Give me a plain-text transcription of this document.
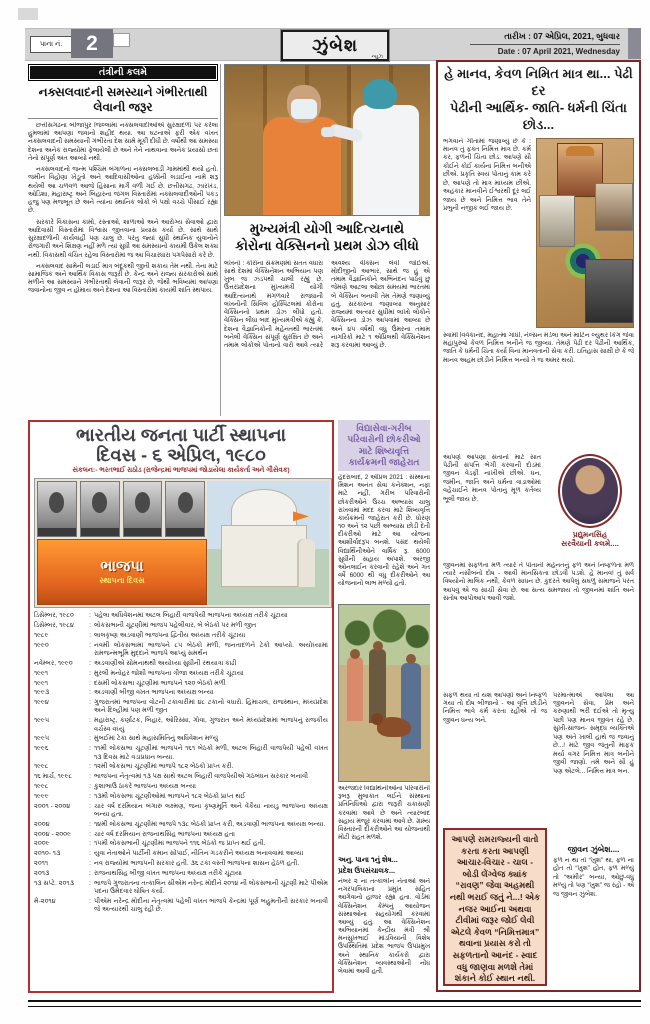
પાના નં.	2	ઝુંબેશ
ન્યુઝ
તારીખ : 07 એપ્રિલ, 2021, બુધવાર
Date : 07 April 2021, Wednesday
તંત્રીની કલમે
નક્સલવાદની સમસ્યાને ગંભીરતાથી લેવાની જરૂર

છત્તીસગઢના બીજાપુર જિલ્લામાં નક્સલવાદીઓએ સુરક્ષાદળો પર કરેલા હુમલામાં આપણા જવાનો શહીદ થયા. આ ઘટનાએ ફરી એક વખત નક્સલવાદની સમસ્યાની ગંભીરતા દેશ સામે મૂકી દીધી છે. વર્ષોથી આ સમસ્યા દેશના અનેક રાજ્યોમાં ફેલાયેલી છે અને તેને નાથવાના અનેક પ્રયાસો છતાં તેનો સંપૂર્ણ અંત આવ્યો નથી.

નક્સલવાદનો જન્મ પશ્ચિમ બંગાળના નક્સલબાડી ગામમાંથી થયો હતો. જમીન વિહોણા ખેડૂતો અને આદિવાસીઓના હક્કોની લડાઈના નામે શરૂ થયેલી આ ચળવળ આજે હિંસાના માર્ગે વળી ગઈ છે. છત્તીસગઢ, ઝારખંડ, ઓડિશા, મહારાષ્ટ્ર અને બિહારના જંગલ વિસ્તારોમાં નક્સલવાદીઓની પકડ હજુ પણ મજબૂત છે અને ત્યાંના સ્થાનિક લોકો બે પક્ષો વચ્ચે પીસાઈ રહ્યા છે.

સરકારે વિકાસના કામો, રસ્તાઓ, શાળાઓ અને આરોગ્ય સેવાઓ દ્વારા આદિવાસી વિસ્તારોમાં વિશ્વાસ જીતવાના પ્રયાસ કર્યા છે. સાથે સાથે સુરક્ષાદળોની કાર્યવાહી પણ ચાલુ છે. પરંતુ જ્યાં સુધી સ્થાનિક યુવાનોને રોજગારી અને શિક્ષણ નહીં મળે ત્યાં સુધી આ સમસ્યાનો કાયમી ઉકેલ શક્ય નથી. વિકાસથી વંચિત રહેલા વિસ્તારોમાં જ આ વિચારધારા પગપેસારો કરે છે.

નક્સલવાદ સામેની લડાઈ માત્ર બંદૂકથી જીતી શકાય તેમ નથી. તેના માટે સામાજિક અને આર્થિક વિકાસ જરૂરી છે. કેન્દ્ર અને રાજ્ય સરકારોએ સાથે મળીને આ સમસ્યાને ગંભીરતાથી લેવાની જરૂર છે, જેથી ભવિષ્યમાં આપણા જવાનોના જીવ ન હોમાય અને દેશના આ વિસ્તારોમાં કાયમી શાંતિ સ્થપાય.

મુખ્યમંત્રી યોગી આદિત્યનાથે
કોરોના વેક્સિનનો પ્રથમ ડોઝ લીધો
લખનૌ : કોરોના સંક્રમણમાં સતત વધારા સાથે દેશમાં વેક્સિનેશન અભિયાન પણ ખુબ જ ઝડપથી ચાલી રહ્યું છે. ઉત્તરપ્રદેશના મુખ્યમંત્રી યોગી આદિત્યનાથે મંગળવારે રાજધાની લખનૌની સિવિલ હોસ્પિટલમાં કોરોના વેક્સિનનો પ્રથમ ડોઝ લીધો હતો. વેક્સિન લીધા બાદ મુખ્યમંત્રીએ કહ્યું કે, દેશના વૈજ્ઞાનિકોની મહેનતથી ભારતમાં બનેલી વેક્સિન સંપૂર્ણ સુરક્ષિત છે અને તમામ લોકોએ પોતાનો વારો આવે ત્યારે અવશ્ય વેક્સિન લેવી જોઈએ. મોદીજીનો આભાર, સાથે જ હું એ તમામ વૈજ્ઞાનિકોને અભિનંદન પાઠવું છું જેમણે આટલા ઓછા સમયમાં ભારતમાં બે વેક્સિન બનાવી તેમ તેમણે જણાવ્યું હતું. સરકારના જણાવ્યા અનુસાર રાજ્યમાં અત્યાર સુધીમાં લાખો લોકોને વેક્સિનના ડોઝ આપવામાં આવ્યા છે અને ૪૫ વર્ષથી વધુ ઉંમરના તમામ નાગરિકો માટે ૧ એપ્રિલથી વેક્સિનેશન શરૂ કરવામાં આવ્યું છે.
ભારતીય જનતા પાર્ટી સ્થાપના
દિવસ - ૬ એપ્રિલ, ૧૯૮૦
સંકલન:- ભરતભાઈ રાઠોડ (રાજેન્દ્રમાં ભાજપમાં જોડાયેલા કાર્યકર્તા અને ગૌસેવક)
ભાજપા
સ્થાપના દિવસ
ડિસેમ્બર, ૧૯૮૦ :	પહેલા અધિવેશનમાં અટલ બિહારી વાજપેયી ભાજપના અધ્યક્ષ તરીકે ચૂંટાયા
ડિસેમ્બર, ૧૯૮૪ :	લોકસભાની ચૂંટણીમાં ભાજપ પહેલીવાર, બે બેઠકો પર મળી જીત
૧૯૮૯ :	લાલકૃષ્ણ અડવાણી ભાજપના દ્વિતીય અધ્યક્ષ તરીકે ચૂંટાયા
૧૯૯૦ :	નવમી લોકસભામાં ભાજપને ૮૫ બેઠકો મળી, જનતાદળને ટેકો આપ્યો. અયોધ્યામાં રામજન્મભૂમિ મુદ્દાને ભાજપે આપ્યું સમર્થન
નવેમ્બર, ૧૯૯૦ :	અડવાણીએ સોમનાથથી અયોધ્યા સુધીની રથયાત્રા કાઢી
૧૯૯૧ :	મુરલી મનોહર જોશી ભાજપના ત્રીજા અધ્યક્ષ તરીકે ચૂંટાયા
૧૯૯૧ :	દસમી લોકસભા ચૂંટણીમાં ભાજપને ૧૨૦ બેઠકો મળી
૧૯૯૩ :	અડવાણી બીજી વખત ભાજપના અધ્યક્ષ બન્યા
૧૯૯૪ :	ગુજરાતમાં ભાજપના વોટની ટકાવારીમાં ૪૮ ટકાનો વધારો. હિમાચલ, રાજસ્થાન, મધ્યપ્રદેશ અને દિલ્હીમાં પણ મળી જીત
૧૯૯૫ :	મહારાષ્ટ્ર, કર્ણાટક, બિહાર, ઓરિસ્સા, ગોવા, ગુજરાત અને મધ્યપ્રદેશમાં ભાજપનું રાજકીય વર્ચસ્વ વધ્યું
૧૯૯૫ :	મુંબઈમાં ટેકા સાથે મહાસમિતિનું અધિવેશન મળ્યું
૧૯૯૬ :	૧૧મી લોકસભા ચૂંટણીમાં ભાજપને ૧૬૧ બેઠકો મળી, અટલ બિહારી વાજપેયી પહેલી વખત ૧૩ દિવસ માટે વડાપ્રધાન બન્યા.
૧૯૯૮ :	૧૨મી લોકસભા ચૂંટણીમાં ભાજપે ૧૮૨ બેઠકો પ્રાપ્ત કરી.
૧૬ માર્ચ, ૧૯૯૮ :	ભાજપના નેતૃત્વમાં ૧૩ પક્ષ સાથે અટલ બિહારી વાજપેયીએ ગઠબંધન સરકાર બનાવી
૧૯૯૮ :	કુશાભાઉ ઠાકરે ભાજપના અધ્યક્ષ બન્યા
૧૯૯૯ :	૧૩મી લોકસભા ચૂંટણીઓમાં ભાજપને ૧૮૨ બેઠકો પ્રાપ્ત થઈ
૨૦૦૧ - ૨૦૦૪ :	ચાર વર્ષ દરમિયાન બંગારુ લક્ષ્મણ, જના કૃષ્ણમૂર્તિ અને વેંકૈયા નાયડુ ભાજપના અધ્યક્ષ બન્યા હતા.
૨૦૦૪ :	૧૪મી લોકસભા ચૂંટણીમાં ભાજપે ૧૩૮ બેઠકો પ્રાપ્ત કરી, અડવાણી ભાજપના અધ્યક્ષ બન્યા.
૨૦૦૪ - ૨૦૦૯ :	ચાર વર્ષ દરમિયાન રાજનાથસિંહ ભાજપના અધ્યક્ષ હતા
૨૦૦૯ :	૧૫મી લોકસભાની ચૂંટણીમાં ભાજપને ૧૧૬ બેઠકો જ પ્રાપ્ત થઈ હતી.
૨૦૧૦- ૧૩ :	યુવા નેતાઓને પાર્ટીની કમાન સોંપાઈ, નીતિન ગડકરીને અધ્યક્ષ બનાવવામાં આવ્યા
૨૦૧૧ :	નવ રાજ્યોમાં ભાજપની સરકાર હતી. ૩૬ ટકા વસ્તી ભાજપના શાસન હેઠળ હતી.
૨૦૧૩ :	રાજનાથસિંહ બીજી વખત ભાજપના અધ્યક્ષ તરીકે ચૂંટાયા
૧૩ સપ્ટે. ૨૦૧૩ :	ભાજપે ગુજરાતના તત્કાલિન સીએમ નરેન્દ્ર મોદીને ૨૦૧૪ ની લોકસભાની ચૂંટણી માટે પીએમ પદના ઉમેદવાર ઘોષિત કર્યા.
મે-૨૦૧૪ :	પીએમ નરેન્દ્ર મોદીના નેતૃત્વમાં પહેલી વખત ભાજપે કેન્દ્રમાં પૂર્ણ બહુમતીની સરકાર બનાવી જે અત્યારથી ચાલુ રહી છે.
વિદ્યાસેવા-ગરીબ પરિવારોની છોકરીઓ માટે શિષ્યવૃત્તિ કાર્યક્રમની જાહેરાત
હૈદરાબાદ, 2 એપ્રિલ 2021 : સંસ્થાના મિશન અનંત સેવા કનેક્શન, નફા માટે નહીં, ગરીબ પરિવારોની છોકરીઓને ઉચ્ચ અભ્યાસ ચાલુ રાખવામાં મદદ કરવા માટે શિષ્યવૃત્તિ કાર્યક્રમની જાહેરાત કરી છે. ધોરણ ૧૦ અને ૧૨ પછી અભ્યાસ છોડી દેતી દીકરીઓ માટે આ યોજના આશીર્વાદરૂપ બનશે. પસંદ થયેલી વિદ્યાર્થિનીઓને વાર્ષિક રૂ. 6000 સુધીની સહાય અપાશે. અરજી ઓનલાઈન કરવાની રહેશે અને ગત વર્ષે 6000 થી વધુ દીકરીઓને આ યોજનાનો લાભ મળ્યો હતો.
અરજદાર વિદ્યાર્થિનીઓના પરિવારોની રૂબરૂ મુલાકાત લઈને સંસ્થાના પ્રતિનિધિઓ દ્વારા જરૂરી ચકાસણી કરવામાં આવે છે અને ત્યારબાદ સહાય મંજૂર કરવામાં આવે છે. ગ્રામ્ય વિસ્તારની દીકરીઓને આ યોજનાથી મોટી રાહત મળશે.
અનુ. પાના ૧નું શેષ...
પ્રદેશ ઉપસંચાલક...
નંબર ૨ ના તત્કાલીન નેતાઓ અને નગરપાલિકાના પ્રમુખ સહિત આગેવાનો હાજર રહ્યા હતા. વોર્ડમાં વેક્સિનેશન કેમ્પનું આયોજન સંસ્થાઓના સહયોગથી કરવામાં આવ્યું હતું. આ વેક્સિનેશન અભિયાનમાં કેન્દ્રીય મંત્રી શ્રી મનસુખભાઈ માંડવિયાની વિશેષ ઉપસ્થિતિમાં પ્રદેશ ભાજપ ઉપપ્રમુખ અને સ્થાનિક કાર્યકરો દ્વારા વેક્સિનેશન વ્યવસ્થાઓની નોંધ લેવામાં આવી હતી.
હે માનવ, કેવળ નિમિત માત્ર થા... પેઢી દર
પેઢીની આર્થિક- જાતિ- ધર્મની ચિંતા છોડ...
ભગવાને ગીતામાં જણાવ્યું છે કે : માનવ તું ફક્ત નિમિત્ત માત્ર છે. કર્મ કર, ફળની ચિંતા છોડ. આપણે સૌ કોઈને કોઈ કાર્યના નિમિત્ત બનીએ છીએ. પ્રકૃતિ સ્વયં પોતાનું કામ કરે છે, આપણે તો માત્ર માધ્યમ છીએ. અહંકાર માનવીને ઈશ્વરથી દૂર લઈ જાય છે અને નિમિત્ત ભાવ તેને પ્રભુની નજીક લઈ જાય છે.
સ્વામી વિવેકાનંદ, મહાત્મા ગાંધી, નેલ્સન મંડેલા અને માર્ટિન લ્યુથર કિંગ જેવા મહાપુરુષો કેવળ નિમિત્ત બનીને જ જીવ્યા. તેમણે પેઢી દર પેઢીની આર્થિક, જાતિ કે ધર્મની ચિંતા કર્યા વિના માનવતાની સેવા કરી. ઇતિહાસ સાક્ષી છે કે જે માનવ અહમ છોડીને નિમિત્ત બન્યો તે જ અમર થયો.
આપણે આપણા સંતાનો માટે સાત પેઢીની સંપત્તિ ભેગી કરવાની દોડમાં જીવન વેડફી નાખીએ છીએ. ધન, જમીન, જાતિ અને ધર્મના વાડાઓમાં વહેંચાઈને માનવ પોતાનું મૂળ કર્તવ્ય ભૂલી જાય છે.
પ્રદ્યુમનસિંહ
સરવૈયાની કલમે....
જીવનમાં સફળતા મળે ત્યારે તે પોતાની મહેનતનું ફળ અને નિષ્ફળતા મળે ત્યારે નસીબનો દોષ - આવી માનસિકતા છોડવી પડશે. હે માનવ! તું સર્વ વિષયોનો માલિક નથી, કેવળ સાધન છે. કુદરતે આપેલું સઘળું સમાજને પરત આપવું એ જ સાચી સેવા છે. આ સત્ય સમજાય તો જીવનમાં શાંતિ અને સંતોષ આપોઆપ આવી જશે.
સફળ થયા તો યશ આપણો અને નિષ્ફળ ગયા તો દોષ બીજાનો - આ વૃત્તિ છોડીને નિમિત્ત ભાવે કર્મ કરતા રહીએ તો જ જીવન ધન્ય બને.
આપણે રામરાજ્યની વાતો કરતા કરતા આપણી આચાર-વિચાર - ચાલ - બોડી લેંગ્વેજ ક્યાંક “રાવણ” જેવા અહમથી નથી ભરાઈ જતું ને...! એક નજર આઈના અથવા ટીવીમાં જરૂર જોઈ લેવી એટલે કેવળ “નિમિત્તમાત્ર” થવાના પ્રયાસ કરો તો સફળતાનો આનંદ - સ્વાદ વધુ જાણવા મળશે તેમાં શંકાને કોઈ સ્થાન નથી.
પરમાત્માએ આપેલા આ જીવનને સેવા, પ્રેમ અને કરુણાથી ભરી દઈએ તો મૃત્યુ પછી પણ માનવ જીવંત રહે છે. સુખી-સાજન- સમૃદ્ધ વ્યક્તિએ પણ અંતે ખાલી હાથે જ જવાનું છે...! માટે જીવ જંતુની માફક મર્યા વગર નિમિત્ત માત્ર બનીને જીવી જાણો. તમે અને સૌ હું પણ એટલે... નિમિત્ત માત્ર બન.
જીવન ઝુંબેશ....
ફળ ન થા તો “ખુશ” થા, ફળ ના હોત તો “ખુશ” હોત, ફળ મળ્યું તો “અમીર” બન્યા, ઓછું-વધુ મળ્યું તો પણ “ખુશ” જ રહો - એ જ જીવન ઝુંબેશ.
